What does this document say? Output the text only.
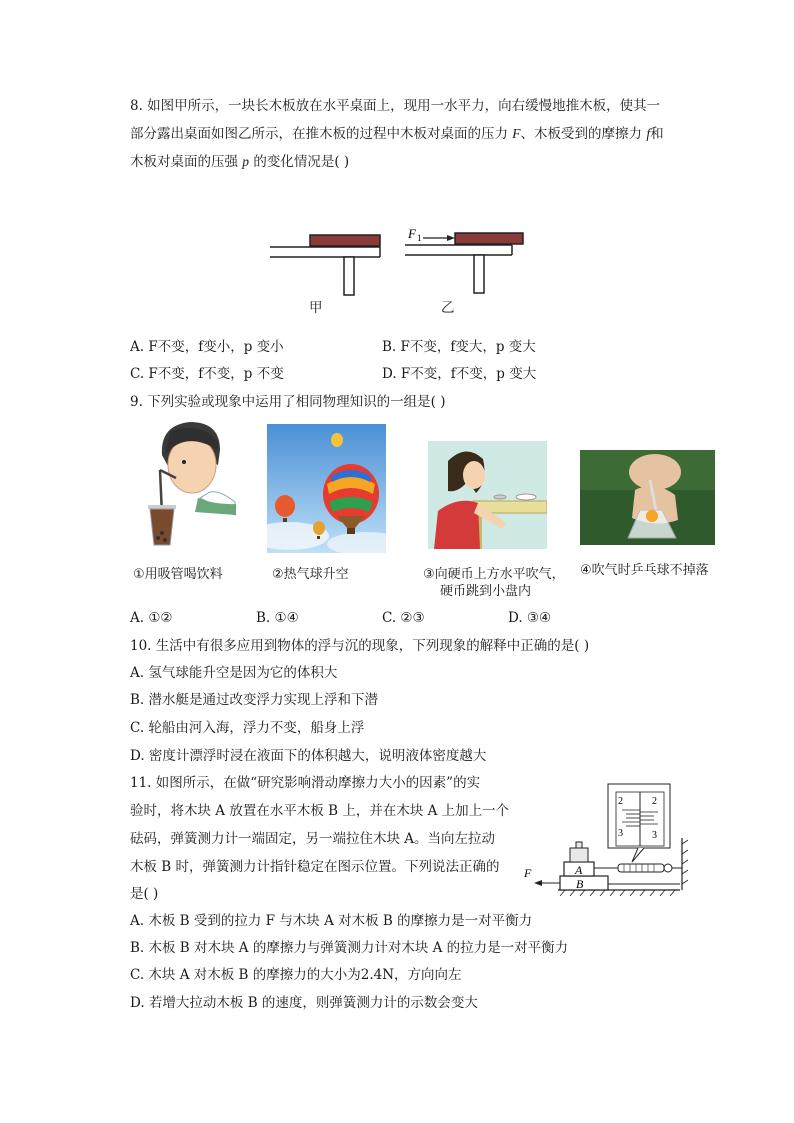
8. 如图甲所示，一块长木板放在水平桌面上，现用一水平力，向右缓慢地推木板，使其一
部分露出桌面如图乙所示，在推木板的过程中木板对桌面的压力 F、木板受到的摩擦力 f和
木板对桌面的压强 p 的变化情况是( )
F 1
甲	乙
A. F不变，f变小，p 变小	B. F不变，f变大，p 变大
C. F不变，f不变，p 不变	D. F不变，f不变，p 变大
9. 下列实验或现象中运用了相同物理知识的一组是( )
①用吸管喝饮料	②热气球升空	③向硬币上方水平吹气，
硬币跳到小盘内
④吹气时乒乓球不掉落
A. ①②	B. ①④	C. ②③	D. ③④
10. 生活中有很多应用到物体的浮与沉的现象，下列现象的解释中正确的是( )
A. 氢气球能升空是因为它的体积大
B. 潜水艇是通过改变浮力实现上浮和下潜
C. 轮船由河入海，浮力不变，船身上浮
D. 密度计漂浮时浸在液面下的体积越大，说明液体密度越大
11. 如图所示，在做“研究影响滑动摩擦力大小的因素”的实
验时，将木块 A 放置在水平木板 B 上，并在木块 A 上加上一个
砝码，弹簧测力计一端固定，另一端拉住木块 A。当向左拉动
木板 B 时，弹簧测力计指针稳定在图示位置。下列说法正确的
是( )
2
3
2
3
B
A
F
A. 木板 B 受到的拉力 F 与木块 A 对木板 B 的摩擦力是一对平衡力
B. 木板 B 对木块 A 的摩擦力与弹簧测力计对木块 A 的拉力是一对平衡力
C. 木块 A 对木板 B 的摩擦力的大小为2.4N，方向向左
D. 若增大拉动木板 B 的速度，则弹簧测力计的示数会变大
